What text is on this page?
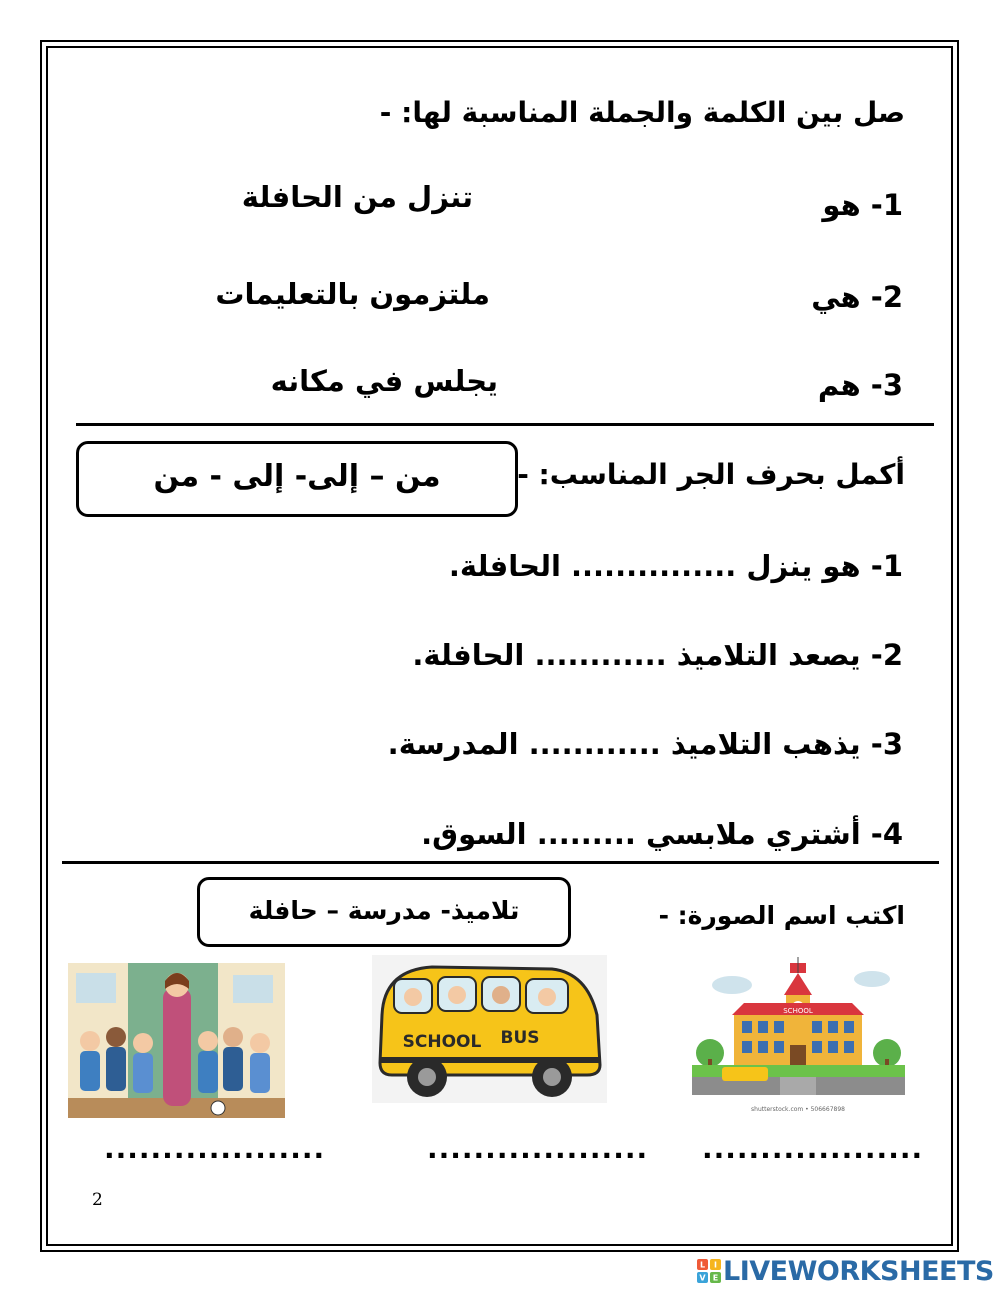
صل بين الكلمة والجملة المناسبة لها: -
1- هو
تنزل من الحافلة
2- هي
ملتزمون بالتعليمات
3- هم
يجلس في مكانه
أكمل بحرف الجر المناسب: -
من – إلى- إلى - من
1- هو ينزل ............... الحافلة.
2- يصعد التلاميذ ............ الحافلة.
3- يذهب التلاميذ ............ المدرسة.
4- أشتري ملابسي ......... السوق.
اكتب اسم الصورة: -
تلاميذ- مدرسة – حافلة
SCHOOL BUS
SCHOOL
shutterstock.com • 506667898
...................	................... ...................
2
L I
V E LIVEWORKSHEETS
